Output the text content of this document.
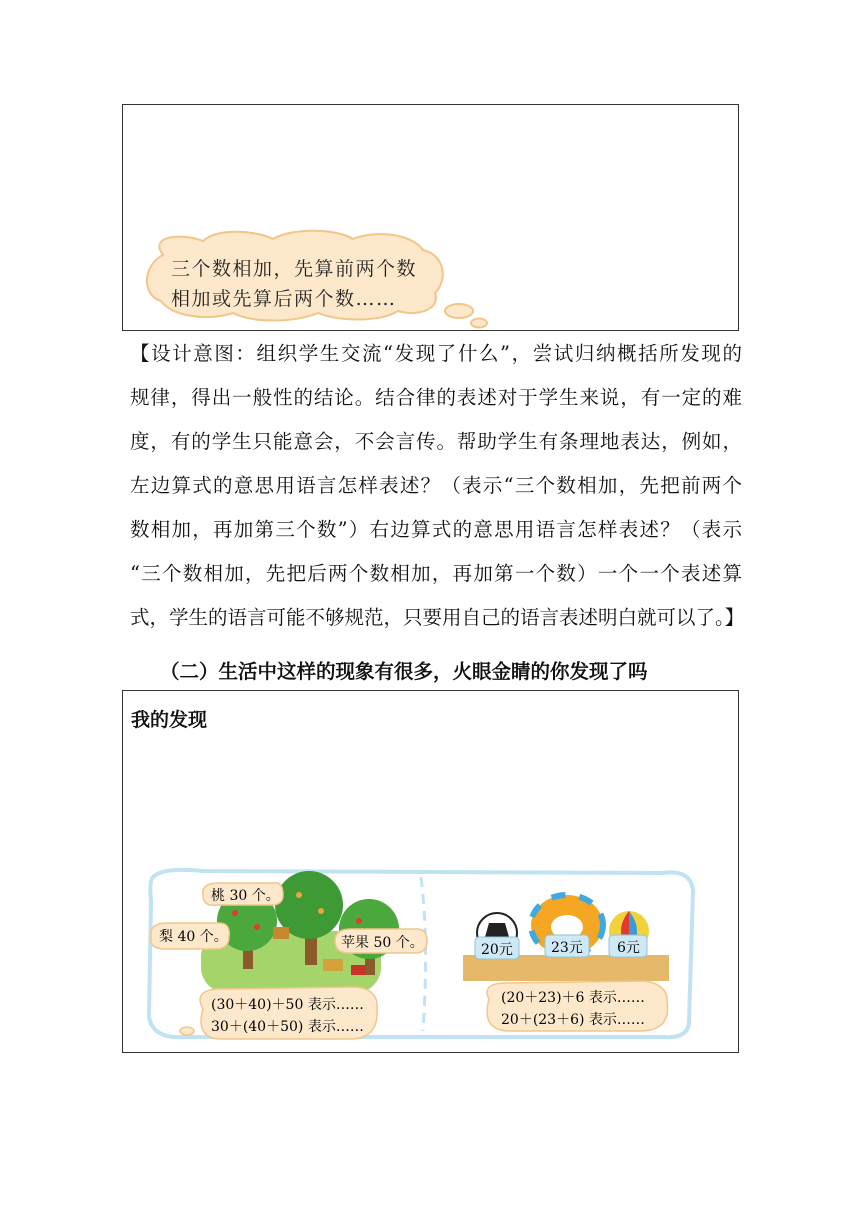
三个数相加，先算前两个数
相加或先算后两个数……
【设计意图：组织学生交流“发现了什么”，尝试归纳概括所发现的
规律，得出一般性的结论。结合律的表述对于学生来说，有一定的难
度，有的学生只能意会，不会言传。帮助学生有条理地表达，例如，
左边算式的意思用语言怎样表述？（表示“三个数相加，先把前两个
数相加，再加第三个数”）右边算式的意思用语言怎样表述？（表示
“三个数相加，先把后两个数相加，再加第一个数）一个一个表述算
式，学生的语言可能不够规范，只要用自己的语言表述明白就可以了。】
（二）生活中这样的现象有很多，火眼金睛的你发现了吗
我的发现
桃 30 个。
梨 40 个。	苹果 50 个。
(30＋40)＋50 表示……
30＋(40＋50) 表示……
20元	23元 6元
(20＋23)＋6 表示……
20＋(23＋6) 表示……
